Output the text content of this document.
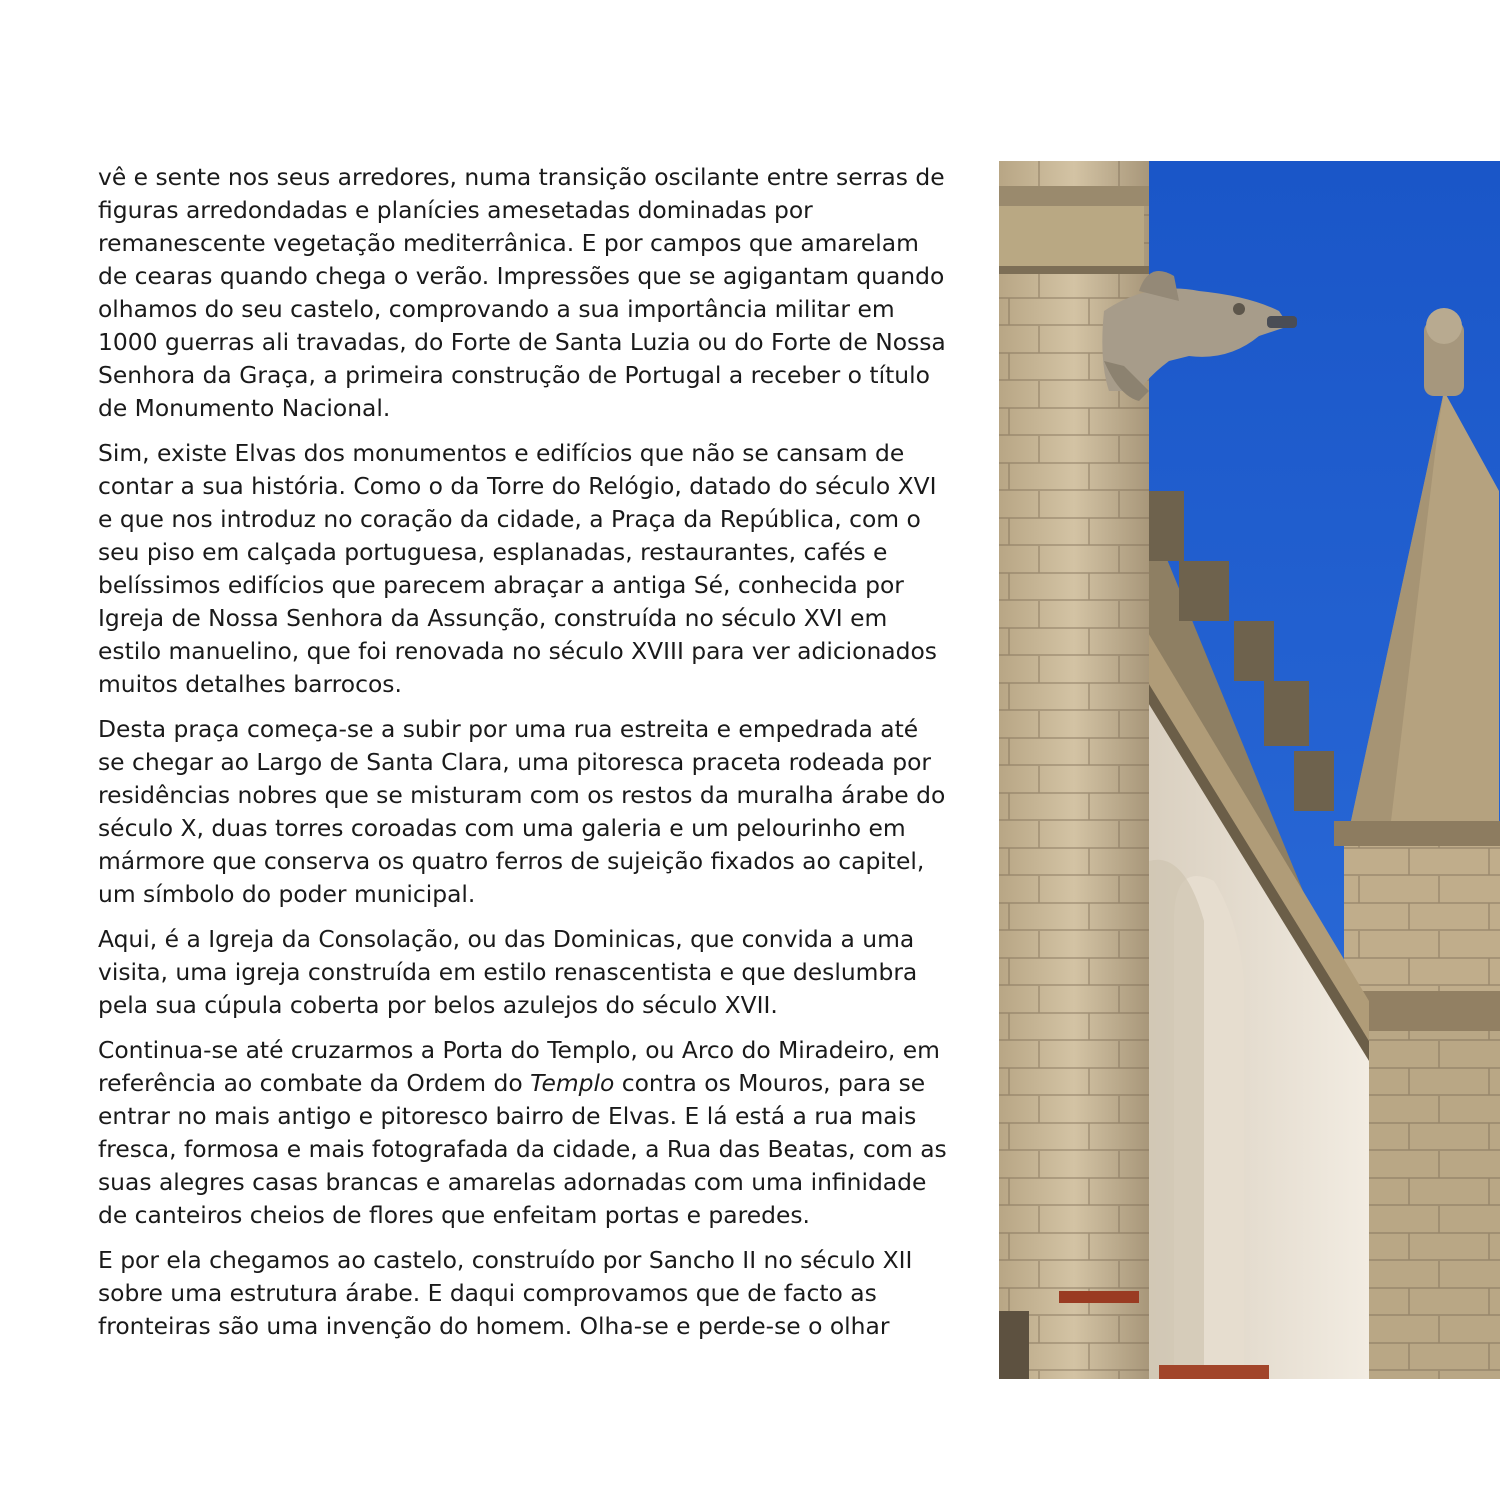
vê e sente nos seus arredores, numa transição oscilante entre serras de figuras arredondadas e planícies amesetadas dominadas por remanescente vegetação mediterrânica. E por campos que amarelam de cearas quando chega o verão. Impressões que se agigantam quando olhamos do seu castelo, comprovando a sua importância militar em 1000 guerras ali travadas, do Forte de Santa Luzia ou do Forte de Nossa Senhora da Graça, a primeira construção de Portugal a receber o título de Monumento Nacional.

Sim, existe Elvas dos monumentos e edifícios que não se cansam de contar a sua história. Como o da Torre do Relógio, datado do século XVI e que nos introduz no coração da cidade, a Praça da República, com o seu piso em calçada portuguesa, esplanadas, restaurantes, cafés e belíssimos edifícios que parecem abraçar a antiga Sé, conhecida por Igreja de Nossa Senhora da Assunção, construída no século XVI em estilo manuelino, que foi renovada no século XVIII para ver adicionados muitos detalhes barrocos.

Desta praça começa-se a subir por uma rua estreita e empedrada até se chegar ao Largo de Santa Clara, uma pitoresca praceta rodeada por residências nobres que se misturam com os restos da muralha árabe do século X, duas torres coroadas com uma galeria e um pelourinho em mármore que conserva os quatro ferros de sujeição fixados ao capitel, um símbolo do poder municipal.

Aqui, é a Igreja da Consolação, ou das Dominicas, que convida a uma visita, uma igreja construída em estilo renascentista e que deslumbra pela sua cúpula coberta por belos azulejos do século XVII.

Continua-se até cruzarmos a Porta do Templo, ou Arco do Miradeiro, em referência ao combate da Ordem do Templo contra os Mouros, para se entrar no mais antigo e pitoresco bairro de Elvas. E lá está a rua mais fresca, formosa e mais fotografada da cidade, a Rua das Beatas, com as suas alegres casas brancas e amarelas adornadas com uma infinidade de canteiros cheios de flores que enfeitam portas e paredes.

E por ela chegamos ao castelo, construído por Sancho II no século XII sobre uma estrutura árabe. E daqui comprovamos que de facto as fronteiras são uma invenção do homem. Olha-se e perde-se o olhar
